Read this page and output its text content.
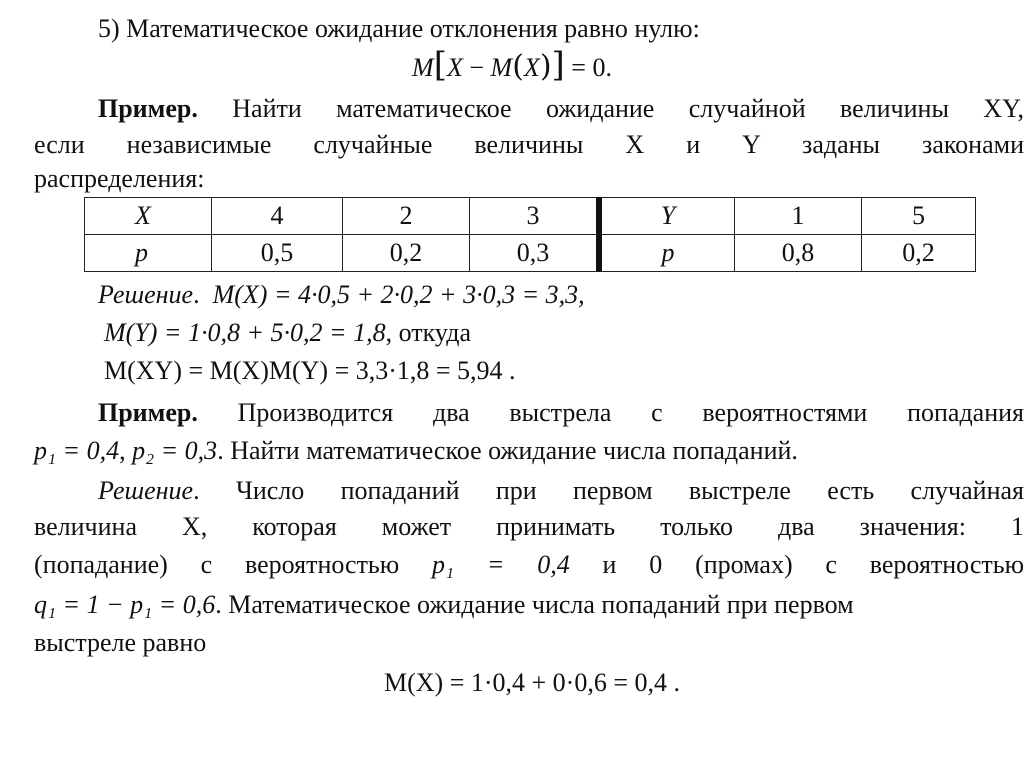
5) Математическое ожидание отклонения равно нулю:
M[X − M(X)] = 0.
Пример. Найти математическое ожидание случайной величины XY,
если независимые случайные величины X и Y заданы законами
распределения:
X	4	2	3	Y	1	5
p	0,5	0,2	0,3	p	0,8	0,2
Решение.  M(X) = 4·0,5 + 2·0,2 + 3·0,3 = 3,3,
M(Y) = 1·0,8 + 5·0,2 = 1,8, откуда
M(XY) = M(X)M(Y) = 3,3·1,8 = 5,94 .
Пример. Производится два выстрела с вероятностями попадания
p₁ = 0,4, p₂ = 0,3. Найти математическое ожидание числа попаданий.
Решение. Число попаданий при первом выстреле есть случайная
величина X, которая может принимать только два значения: 1
(попадание) с вероятностью p₁ = 0,4 и 0 (промах) с вероятностью
q₁ = 1 − p₁ = 0,6. Математическое ожидание числа попаданий при первом
выстреле равно
M(X) = 1·0,4 + 0·0,6 = 0,4 .
